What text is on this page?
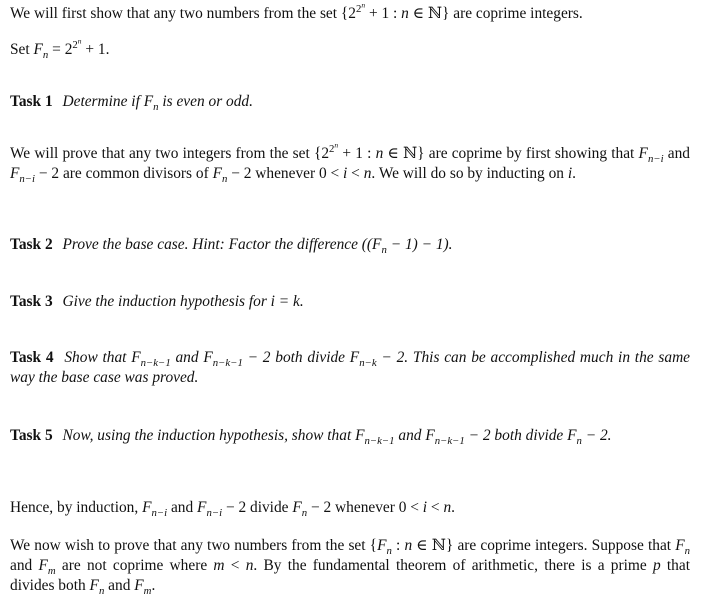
We will first show that any two numbers from the set {$2^{2^n} + 1$ : n ∈ ℕ} are coprime integers.

Set $F_n = 2^{2^n} + 1$.

Task 1 Determine if $F_n$ is even or odd.

We will prove that any two integers from the set {$2^{2^n} + 1$ : n ∈ ℕ} are coprime by first showing that $F_{n-i}$ and $F_{n-i} - 2$ are common divisors of $F_n - 2$ whenever 0 < i < n. We will do so by inducting on i.

Task 2 Prove the base case. Hint: Factor the difference $((F_n - 1) - 1)$.

Task 3 Give the induction hypothesis for i = k.

Task 4 Show that $F_{n-k-1}$ and $F_{n-k-1} - 2$ both divide $F_{n-k} - 2$. This can be accomplished much in the same way the base case was proved.

Task 5 Now, using the induction hypothesis, show that $F_{n-k-1}$ and $F_{n-k-1} - 2$ both divide $F_n - 2$.

Hence, by induction, $F_{n-i}$ and $F_{n-i} - 2$ divide $F_n - 2$ whenever 0 < i < n.

We now wish to prove that any two numbers from the set {$F_n$ : n ∈ ℕ} are coprime integers. Suppose that $F_n$ and $F_m$ are not coprime where m < n. By the fundamental theorem of arithmetic, there is a prime p that divides both $F_n$ and $F_m$.
